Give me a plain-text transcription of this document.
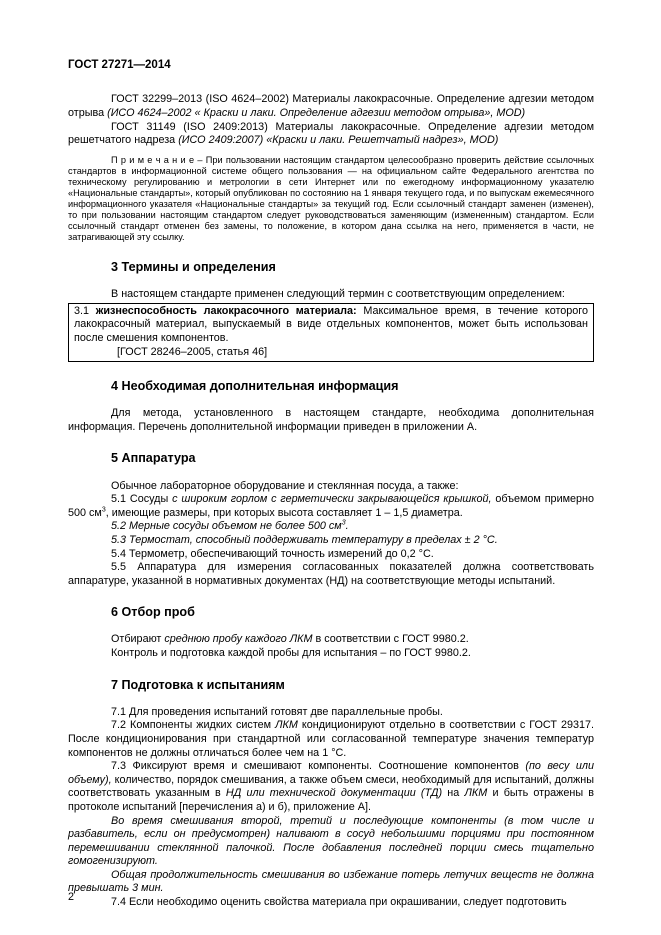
ГОСТ 27271—2014

ГОСТ 32299–2013 (ISO 4624–2002) Материалы лакокрасочные. Определение адгезии методом отрыва (ИСО 4624–2002 « Краски и лаки. Определение адгезии методом отрыва», MOD)

ГОСТ 31149 (ISO 2409:2013) Материалы лакокрасочные. Определение адгезии методом решетчатого надреза (ИСО 2409:2007) «Краски и лаки. Решетчатый надрез», MOD)

П р и м е ч а н и е – При пользовании настоящим стандартом целесообразно проверить действие ссылочных стандартов в информационной системе общего пользования — на официальном сайте Федерального агентства по техническому регулированию и метрологии в сети Интернет или по ежегодному информационному указателю «Национальные стандарты», который опубликован по состоянию на 1 января текущего года, и по выпускам ежемесячного информационного указателя «Национальные стандарты» за текущий год. Если ссылочный стандарт заменен (изменен), то при пользовании настоящим стандартом следует руководствоваться заменяющим (измененным) стандартом. Если ссылочный стандарт отменен без замены, то положение, в котором дана ссылка на него, применяется в части, не затрагивающей эту ссылку.

3 Термины и определения

В настоящем стандарте применен следующий термин с соответствующим определением:

3.1 жизнеспособность лакокрасочного материала: Максимальное время, в течение которого лакокрасочный материал, выпускаемый в виде отдельных компонентов, может быть использован после смешения компонентов.

[ГОСТ 28246–2005, статья 46]

4 Необходимая дополнительная информация

Для метода, установленного в настоящем стандарте, необходима дополнительная информация. Перечень дополнительной информации приведен в приложении А.

5 Аппаратура

Обычное лабораторное оборудование и стеклянная посуда, а также:

5.1 Сосуды с широким горлом с герметически закрывающейся крышкой, объемом примерно 500 $см^3$, имеющие размеры, при которых высота составляет 1 – 1,5 диаметра.

5.2 Мерные сосуды объемом не более 500 $см^3$.

5.3 Термостат, способный поддерживать температуру в пределах ± 2 °С.

5.4 Термометр, обеспечивающий точность измерений до 0,2 °С.

5.5 Аппаратура для измерения согласованных показателей должна соответствовать аппаратуре, указанной в нормативных документах (НД) на соответствующие методы испытаний.

6 Отбор проб

Отбирают среднюю пробу каждого ЛКМ в соответствии с ГОСТ 9980.2.

Контроль и подготовка каждой пробы для испытания – по ГОСТ 9980.2.

7 Подготовка к испытаниям

7.1 Для проведения испытаний готовят две параллельные пробы.

7.2 Компоненты жидких систем ЛКМ кондиционируют отдельно в соответствии с ГОСТ 29317. После кондиционирования при стандартной или согласованной температуре значения температур компонентов не должны отличаться более чем на 1 °С.

7.3 Фиксируют время и смешивают компоненты. Соотношение компонентов (по весу или объему), количество, порядок смешивания, а также объем смеси, необходимый для испытаний, должны соответствовать указанным в НД или технической документации (ТД) на ЛКМ и быть отражены в протоколе испытаний [перечисления а) и б), приложение А].

Во время смешивания второй, третий и последующие компоненты (в том числе и разбавитель, если он предусмотрен) наливают в сосуд небольшими порциями при постоянном перемешивании стеклянной палочкой. После добавления последней порции смесь тщательно гомогенизируют.

Общая продолжительность смешивания во избежание потерь летучих веществ не должна превышать 3 мин.

7.4 Если необходимо оценить свойства материала при окрашивании, следует подготовить

2
